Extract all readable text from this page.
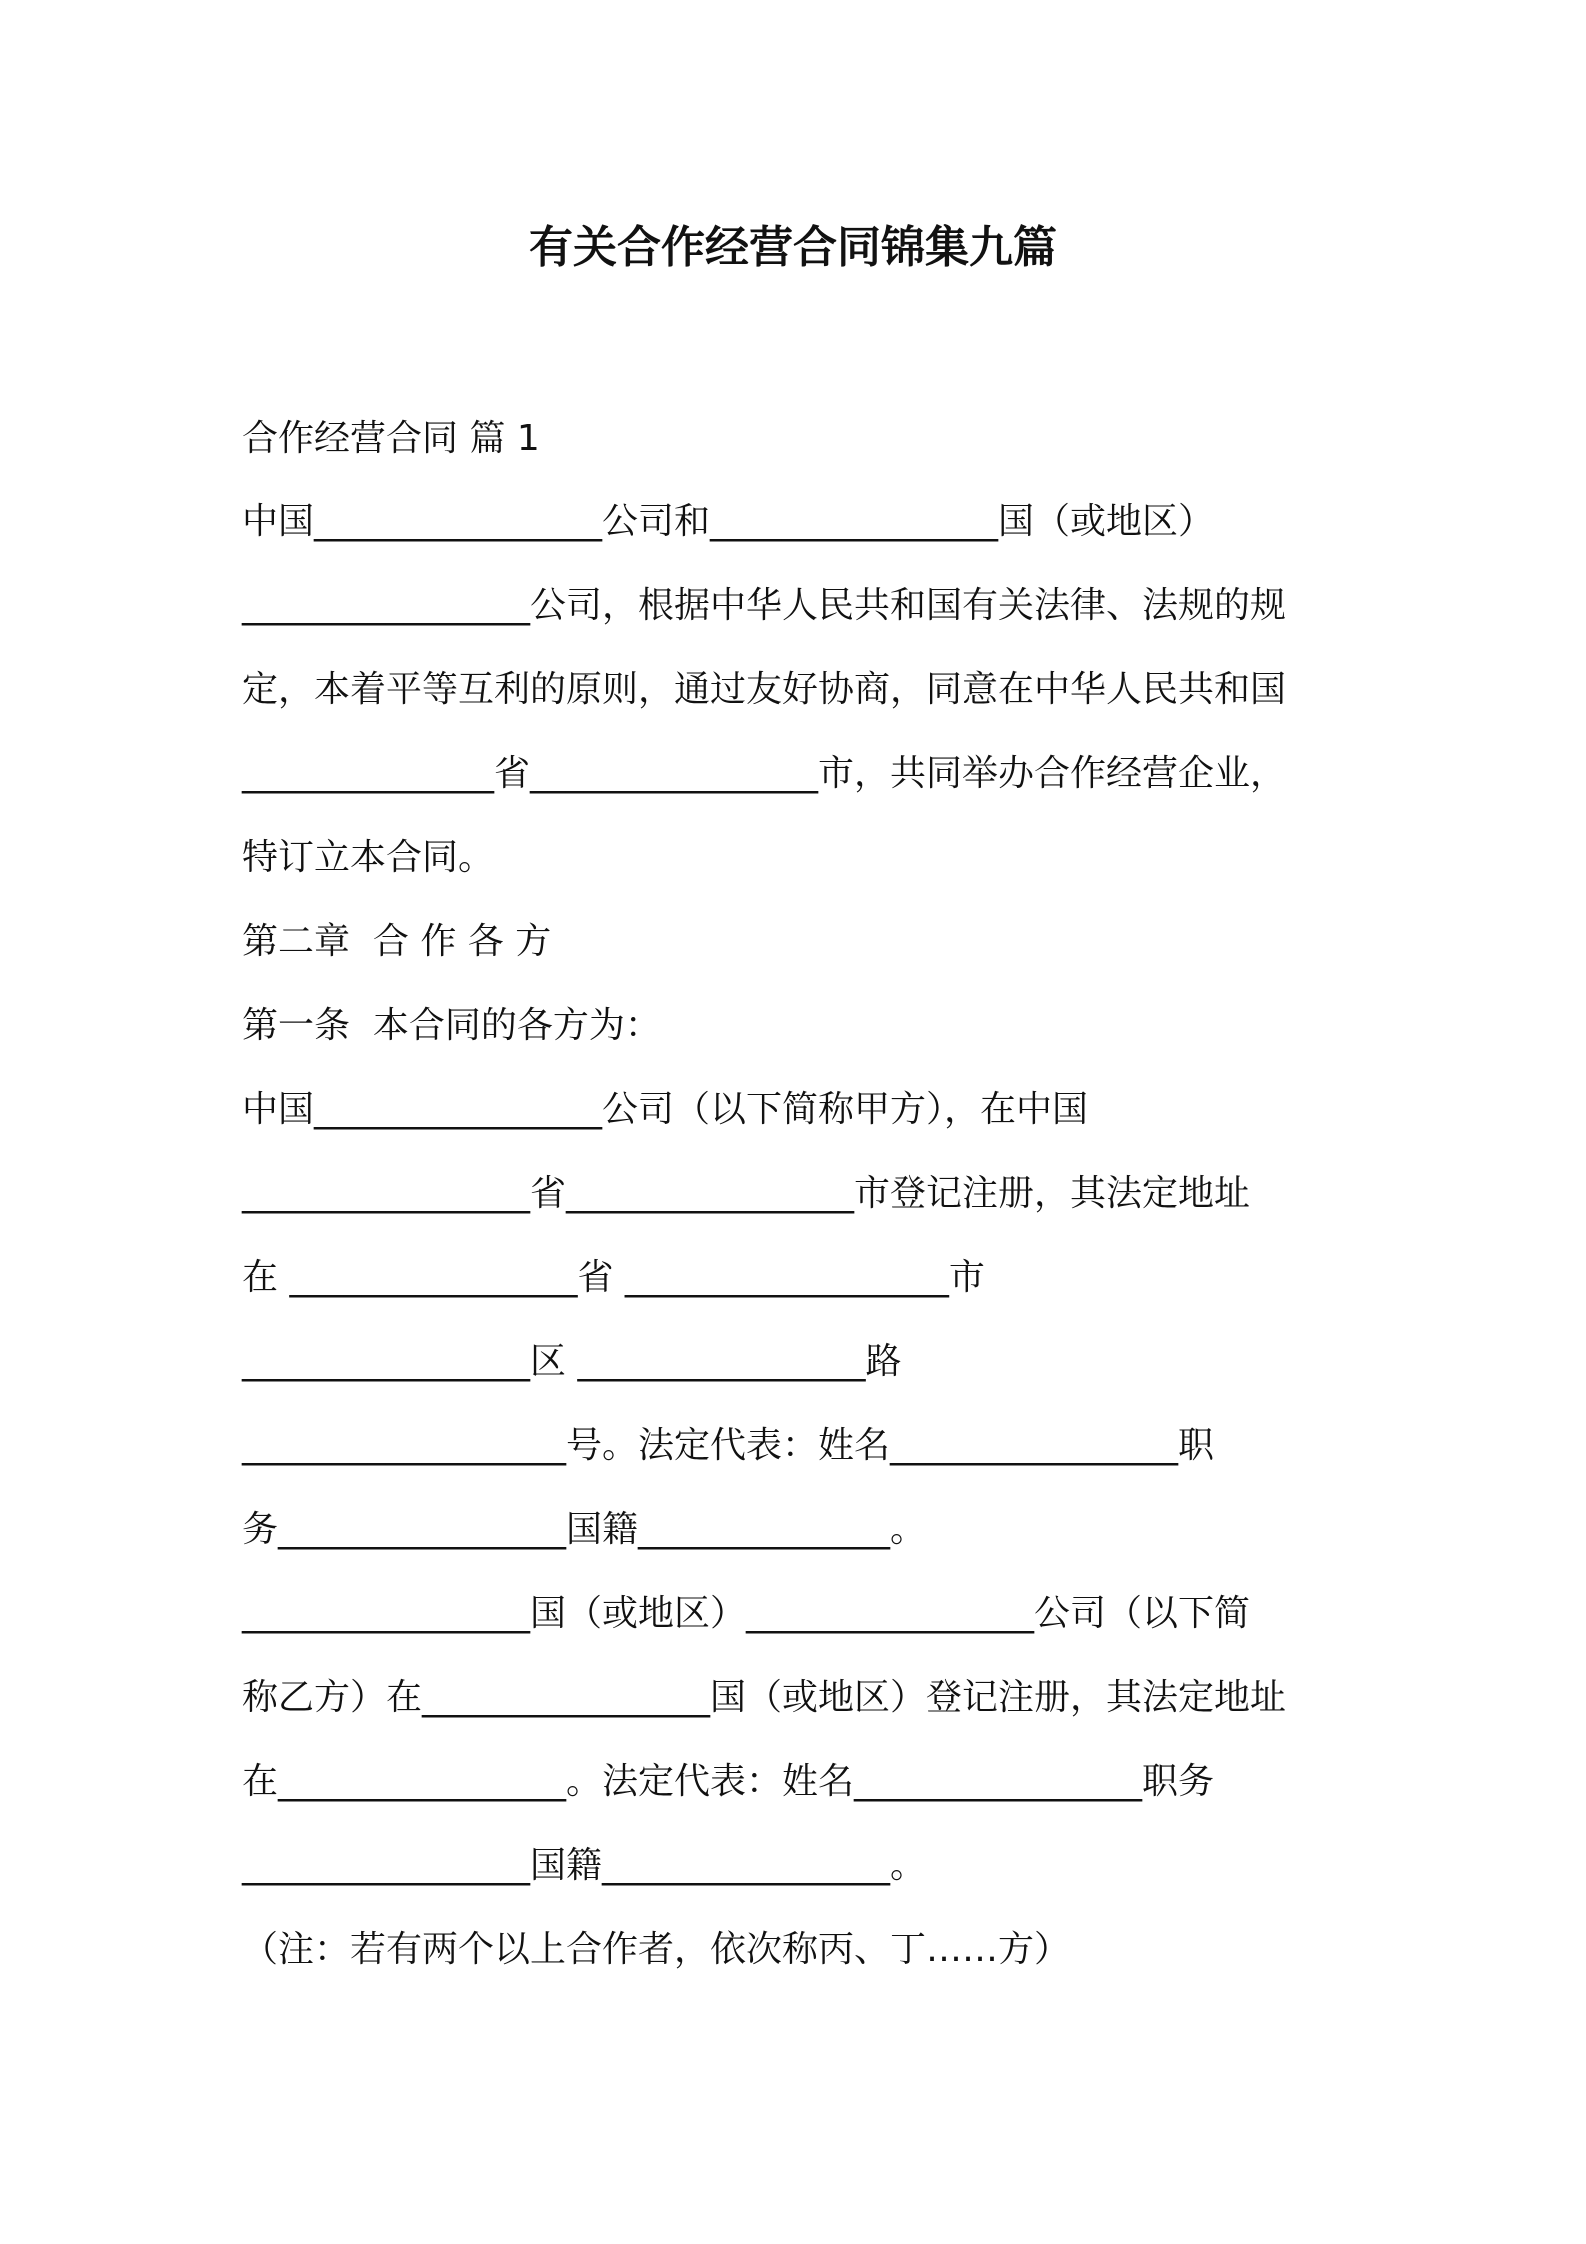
有关合作经营合同锦集九篇
合作经营合同 篇 1
中国________________公司和________________国（或地区）
________________公司，根据中华人民共和国有关法律、法规的规
定，本着平等互利的原则，通过友好协商，同意在中华人民共和国
______________省________________市，共同举办合作经营企业，
特订立本合同。
第二章  合 作 各 方
第一条  本合同的各方为：
中国________________公司（以下简称甲方），在中国
________________省________________市登记注册，其法定地址
在 ________________省 __________________市
________________区 ________________路
__________________号。法定代表：姓名________________职
务________________国籍______________。
________________国（或地区）________________公司（以下简
称乙方）在________________国（或地区）登记注册，其法定地址
在________________。法定代表：姓名________________职务
________________国籍________________。
（注：若有两个以上合作者，依次称丙、丁……方）
